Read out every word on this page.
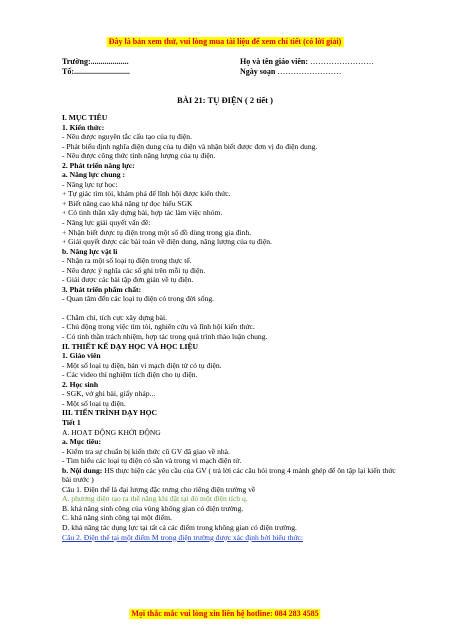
Đây là bản xem thử, vui lòng mua tài liệu để xem chi tiết (có lời giải)
Trường:...................
Tổ:............................
Họ và tên giáo viên: ……………………
Ngày soạn ……………………
BÀI 21: TỤ ĐIỆN ( 2 tiết )
I. MỤC TIÊU
1. Kiến thức:
- Nêu được nguyên tắc cấu tạo của tụ điện.
- Phát biểu định nghĩa điện dung của tụ điện và nhận biết được đơn vị đo điện dung.
- Nêu được công thức tính năng lượng của tụ điện.
2. Phát triển năng lực:
a. Năng lực chung :
- Năng lực tự học:
+ Tự giác tìm tòi, khám phá để lĩnh hội được kiến thức.
+ Biết nâng cao khả năng tự đọc hiểu SGK
+ Có tinh thần xây dựng bài, hợp tác làm việc nhóm.
- Năng lực giải quyết vấn đề:
+ Nhận biết được tụ điện trong một số đồ dùng trong gia đình.
+ Giải quyết được các bài toán về điện dung, năng lượng của tụ điện.
b. Năng lực vật lí
- Nhận ra một số loại tụ điện trong thực tế.
- Nêu được ý nghĩa các số ghi trên mỗi tụ điện.
- Giải được các bài tập đơn giản về tụ điện.
3. Phát triển phẩm chất:
- Quan tâm đến các loại tụ điện có trong đời sống.
- Chăm chỉ, tích cực xây dựng bài.
- Chủ động trong việc tìm tòi, nghiên cứu và lĩnh hội kiến thức.
- Có tinh thần trách nhiệm, hợp tác trong quá trình thảo luận chung.
II. THIẾT KẾ DẠY HỌC VÀ HỌC LIỆU
1. Giáo viên
- Một số loại tụ điện, bản vi mạch điện tử có tụ điện.
- Các video thí nghiệm tích điện cho tụ điện.
2. Học sinh
- SGK, vở ghi bài, giấy nháp...
- Một số loại tụ điện.
III. TIẾN TRÌNH DẠY HỌC
Tiết 1
A. HOẠT ĐỘNG KHỞI ĐỘNG
a. Mục tiêu:
- Kiểm tra sự chuẩn bị kiến thức cũ GV đã giao về nhà.
- Tìm hiểu các loại tụ điện có sẵn và trong vi mạch điện tử.
b. Nội dung: HS thực hiện các yêu cầu của GV ( trả lời các câu hỏi trong 4 mảnh ghép để ôn tập lại kiến thức bài trước )
Câu 1. Điện thế là đại lượng đặc trưng cho riêng điện trường về
A. phương diện tạo ra thế năng khi đặt tại đó một điện tích q.
B. khả năng sinh công của vùng không gian có điện trường.
C. khả năng sinh công tại một điểm.
D. khả năng tác dụng lực tại tất cả các điểm trong không gian có điện trường.
Câu 2. Điện thế tại một điểm M trong điện trường được xác định bởi biểu thức:
Mọi thắc mắc vui lòng xin liên hệ hotline: 084 283 4585
